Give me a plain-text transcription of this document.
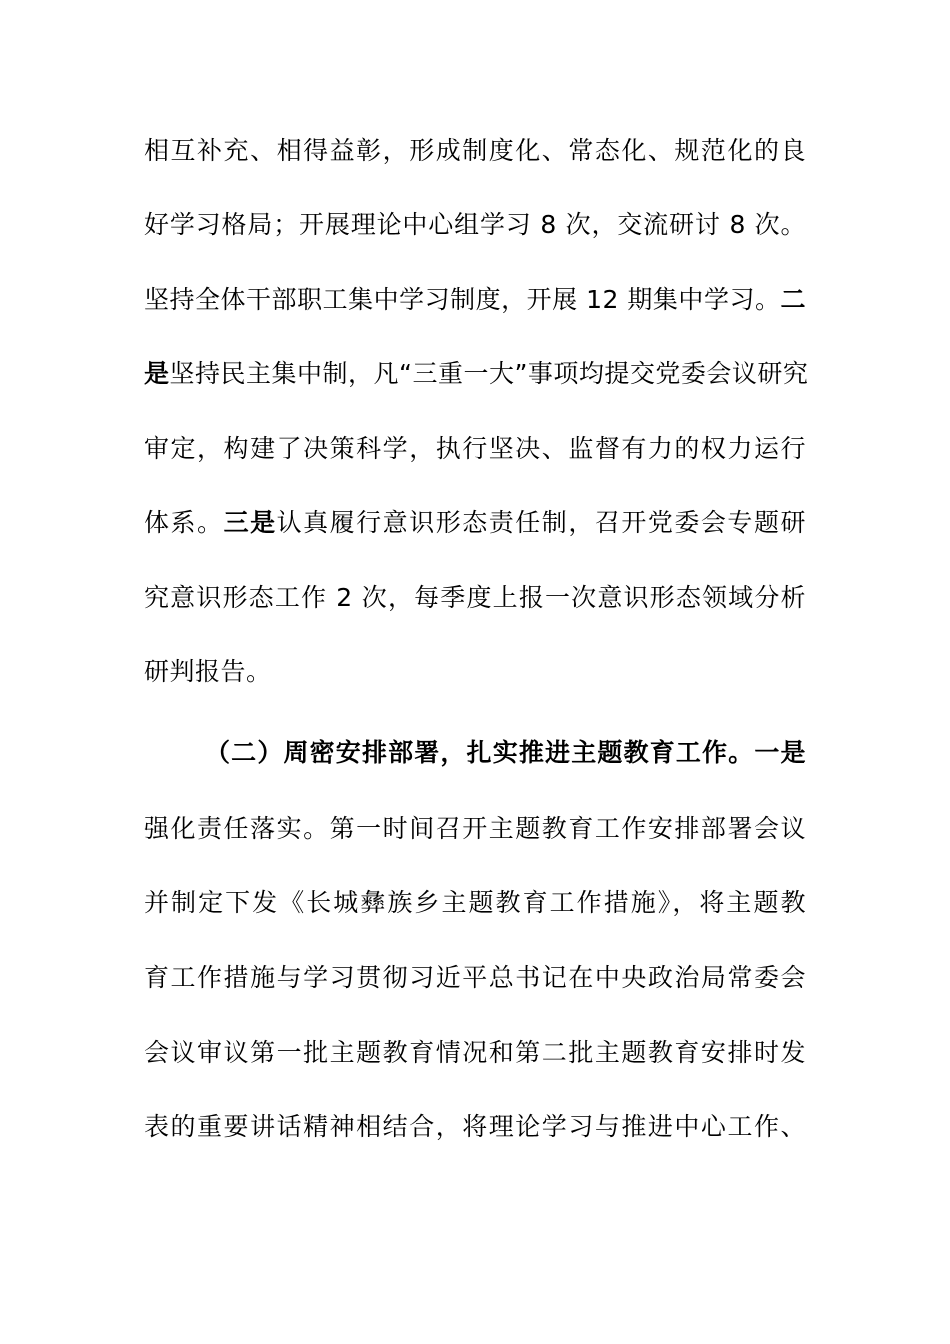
相互补充、相得益彰，形成制度化、常态化、规范化的良
好学习格局；开展理论中心组学习 8 次，交流研讨 8 次。
坚持全体干部职工集中学习制度，开展 12 期集中学习。二
是坚持民主集中制，凡“三重一大”事项均提交党委会议研究
审定，构建了决策科学，执行坚决、监督有力的权力运行
体系。三是认真履行意识形态责任制，召开党委会专题研
究意识形态工作 2 次，每季度上报一次意识形态领域分析
研判报告。
（二）周密安排部署，扎实推进主题教育工作。一是
强化责任落实。第一时间召开主题教育工作安排部署会议
并制定下发《长城彝族乡主题教育工作措施》，将主题教
育工作措施与学习贯彻习近平总书记在中央政治局常委会
会议审议第一批主题教育情况和第二批主题教育安排时发
表的重要讲话精神相结合，将理论学习与推进中心工作、
